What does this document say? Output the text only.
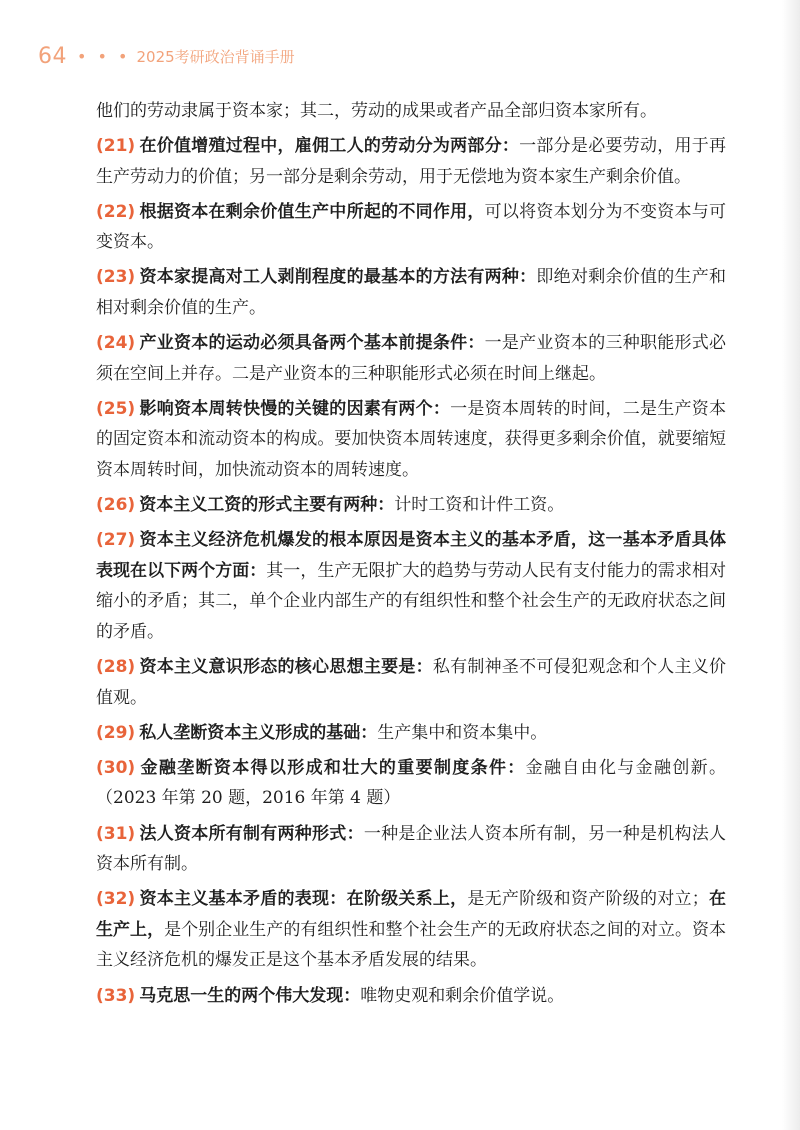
64 • • • 2025考研政治背诵手册

他们的劳动隶属于资本家；其二，劳动的成果或者产品全部归资本家所有。

(21) 在价值增殖过程中，雇佣工人的劳动分为两部分：一部分是必要劳动，用于再生产劳动力的价值；另一部分是剩余劳动，用于无偿地为资本家生产剩余价值。

(22) 根据资本在剩余价值生产中所起的不同作用，可以将资本划分为不变资本与可变资本。

(23) 资本家提高对工人剥削程度的最基本的方法有两种：即绝对剩余价值的生产和相对剩余价值的生产。

(24) 产业资本的运动必须具备两个基本前提条件：一是产业资本的三种职能形式必须在空间上并存。二是产业资本的三种职能形式必须在时间上继起。

(25) 影响资本周转快慢的关键的因素有两个：一是资本周转的时间，二是生产资本的固定资本和流动资本的构成。要加快资本周转速度，获得更多剩余价值，就要缩短资本周转时间，加快流动资本的周转速度。

(26) 资本主义工资的形式主要有两种：计时工资和计件工资。

(27) 资本主义经济危机爆发的根本原因是资本主义的基本矛盾，这一基本矛盾具体表现在以下两个方面：其一，生产无限扩大的趋势与劳动人民有支付能力的需求相对缩小的矛盾；其二，单个企业内部生产的有组织性和整个社会生产的无政府状态之间的矛盾。

(28) 资本主义意识形态的核心思想主要是：私有制神圣不可侵犯观念和个人主义价值观。

(29) 私人垄断资本主义形成的基础：生产集中和资本集中。

(30) 金融垄断资本得以形成和壮大的重要制度条件：金融自由化与金融创新。（2023 年第 20 题，2016 年第 4 题）

(31) 法人资本所有制有两种形式：一种是企业法人资本所有制，另一种是机构法人资本所有制。

(32) 资本主义基本矛盾的表现：在阶级关系上，是无产阶级和资产阶级的对立；在生产上，是个别企业生产的有组织性和整个社会生产的无政府状态之间的对立。资本主义经济危机的爆发正是这个基本矛盾发展的结果。

(33) 马克思一生的两个伟大发现：唯物史观和剩余价值学说。
